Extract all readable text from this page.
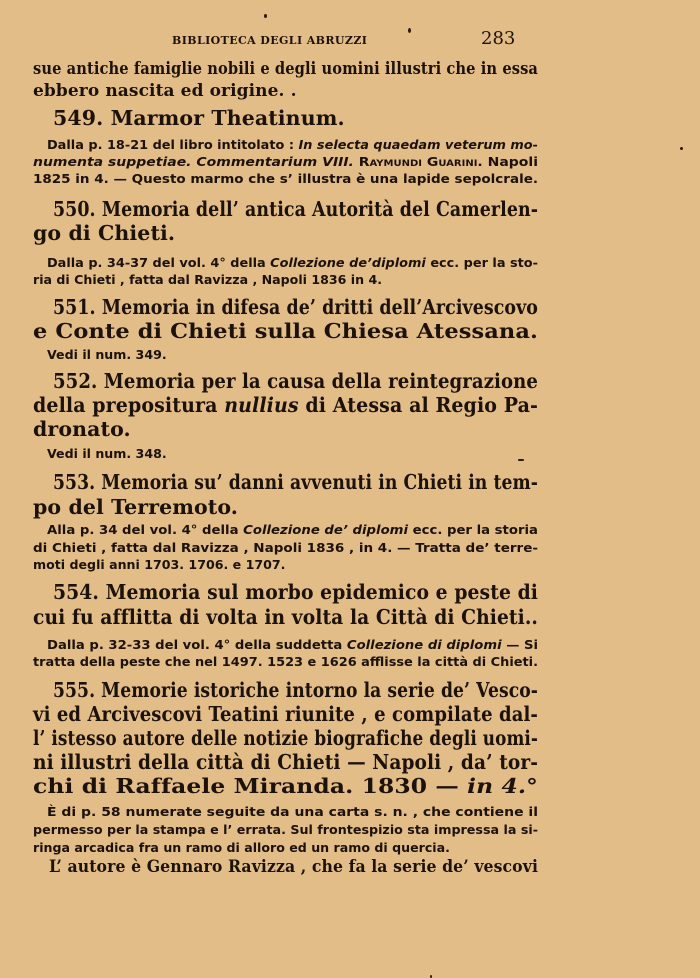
BIBLIOTECA DEGLI ABRUZZI	283
sue antiche famiglie nobili e degli uomini illustri che in essa
ebbero nascita ed origine. .
549. Marmor Theatinum.
Dalla p. 18-21 del libro intitolato : In selecta quaedam veterum mo-
numenta suppetiae. Commentarium VIII. Raymundi Guarini. Napoli
1825 in 4. — Questo marmo che s’ illustra è una lapide sepolcrale.
550. Memoria dell’ antica Autorità del Camerlen-
go di Chieti.
Dalla p. 34-37 del vol. 4° della Collezione de’diplomi ecc. per la sto-
ria di Chieti , fatta dal Ravizza , Napoli 1836 in 4.
551. Memoria in difesa de’ dritti dell’Arcivescovo
e Conte di Chieti sulla Chiesa Atessana.
Vedi il num. 349.
552. Memoria per la causa della reintegrazione
della prepositura nullius di Atessa al Regio Pa-
dronato.
Vedi il num. 348.
553. Memoria su’ danni avvenuti in Chieti in tem-
po del Terremoto.
Alla p. 34 del vol. 4° della Collezione de’ diplomi ecc. per la storia
di Chieti , fatta dal Ravizza , Napoli 1836 , in 4. — Tratta de’ terre-
moti degli anni 1703. 1706. e 1707.
554. Memoria sul morbo epidemico e peste di
cui fu afflitta di volta in volta la Città di Chieti..
Dalla p. 32-33 del vol. 4° della suddetta Collezione di diplomi — Si
tratta della peste che nel 1497. 1523 e 1626 afflisse la città di Chieti.
555. Memorie istoriche intorno la serie de’ Vesco-
vi ed Arcivescovi Teatini riunite , e compilate dal-
l’ istesso autore delle notizie biografiche degli uomi-
ni illustri della città di Chieti — Napoli , da’ tor-
chi di Raffaele Miranda. 1830 — in 4.°
È di p. 58 numerate seguite da una carta s. n. , che contiene il
permesso per la stampa e l’ errata. Sul frontespizio sta impressa la si-
ringa arcadica fra un ramo di alloro ed un ramo di quercia.
L’ autore è Gennaro Ravizza , che fa la serie de’ vescovi
